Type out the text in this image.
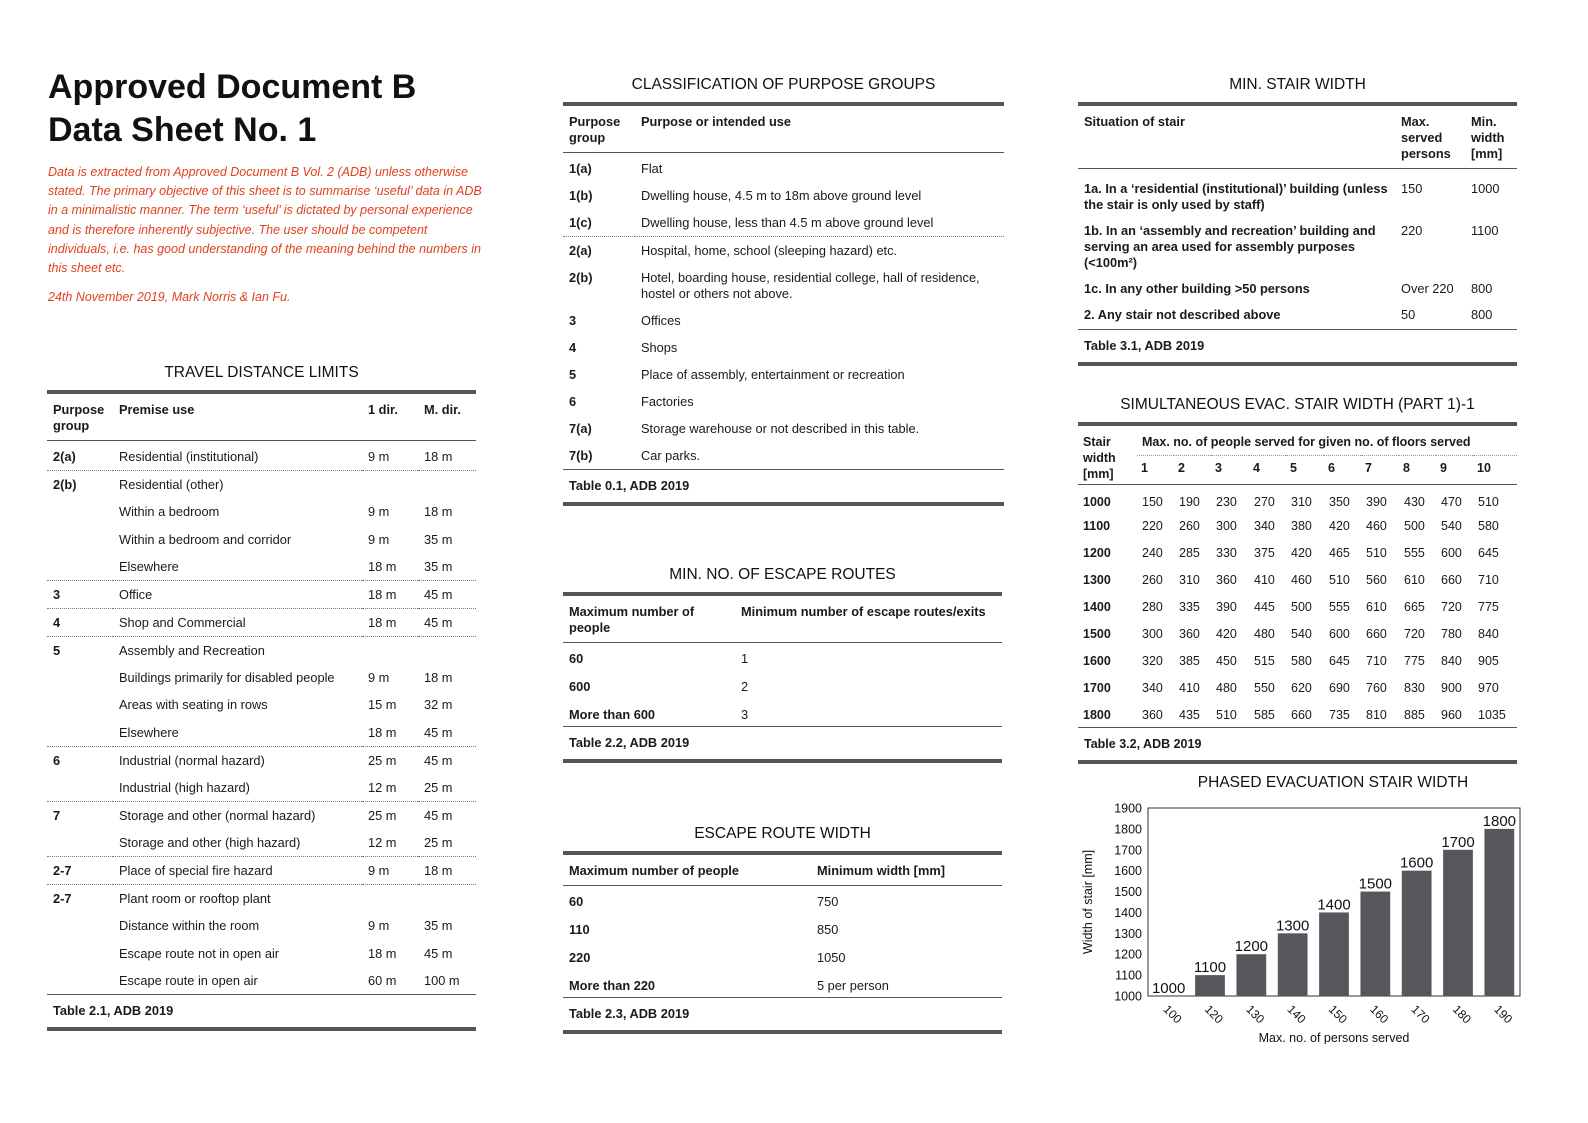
Approved Document B
Data Sheet No. 1
Data is extracted from Approved Document B Vol. 2 (ADB) unless otherwise stated. The primary objective of this sheet is to summarise ‘useful’ data in ADB in a minimalistic manner. The term ‘useful’ is dictated by personal experience and is therefore inherently subjective. The user should be competent individuals, i.e. has good understanding of the meaning behind the numbers in this sheet etc.
24th November 2019, Mark Norris & Ian Fu.
TRAVEL DISTANCE LIMITS
Purpose group	Premise use	1 dir.	M. dir.
2(a)	Residential (institutional)	9 m	18 m
2(b)	Residential (other)		
	Within a bedroom	9 m	18 m
	Within a bedroom and corridor	9 m	35 m
	Elsewhere	18 m	35 m
3	Office	18 m	45 m
4	Shop and Commercial	18 m	45 m
5	Assembly and Recreation		
	Buildings primarily for disabled people	9 m	18 m
	Areas with seating in rows	15 m	32 m
	Elsewhere	18 m	45 m
6	Industrial (normal hazard)	25 m	45 m
	Industrial (high hazard)	12 m	25 m
7	Storage and other (normal hazard)	25 m	45 m
	Storage and other (high hazard)	12 m	25 m
2-7	Place of special fire hazard	9 m	18 m
2-7	Plant room or rooftop plant		
	Distance within the room	9 m	35 m
	Escape route not in open air	18 m	45 m
	Escape route in open air	60 m	100 m
Table 2.1, ADB 2019			
CLASSIFICATION OF PURPOSE GROUPS
Purpose group	Purpose or intended use
1(a)	Flat
1(b)	Dwelling house, 4.5 m to 18m above ground level
1(c)	Dwelling house, less than 4.5 m above ground level
2(a)	Hospital, home, school (sleeping hazard) etc.
2(b)	Hotel, boarding house, residential college, hall of residence, hostel or others not above.
3	Offices
4	Shops
5	Place of assembly, entertainment or recreation
6	Factories
7(a)	Storage warehouse or not described in this table.
7(b)	Car parks.
Table 0.1, ADB 2019	
MIN. NO. OF ESCAPE ROUTES
Maximum number of people	Minimum number of escape routes/exits
60	1
600	2
More than 600	3
Table 2.2, ADB 2019	
ESCAPE ROUTE WIDTH
Maximum number of people	Minimum width [mm]
60	750
110	850
220	1050
More than 220	5 per person
Table 2.3, ADB 2019	
MIN. STAIR WIDTH
Situation of stair	Max. served persons	Min. width [mm]
1a. In a ‘residential (institutional)’ building (unless the stair is only used by staff)	150	1000
1b. In an ‘assembly and recreation’ building and serving an area used for assembly purposes (<100m²)	220	1100
1c. In any other building >50 persons	Over 220	800
2. Any stair not described above	50	800
Table 3.1, ADB 2019		
SIMULTANEOUS EVAC. STAIR WIDTH (PART 1)-1
Stair width [mm]	Max. no. of people served for given no. of floors served									
	1	2	3	4	5	6	7	8	9	10
1000	150	190	230	270	310	350	390	430	470	510
1100	220	260	300	340	380	420	460	500	540	580
1200	240	285	330	375	420	465	510	555	600	645
1300	260	310	360	410	460	510	560	610	660	710
1400	280	335	390	445	500	555	610	665	720	775
1500	300	360	420	480	540	600	660	720	780	840
1600	320	385	450	515	580	645	710	775	840	905
1700	340	410	480	550	620	690	760	830	900	970
1800	360	435	510	585	660	735	810	885	960	1035
Table 3.2, ADB 2019										
PHASED EVACUATION STAIR WIDTH
1000
1100
1200
1300
1400
1500
1600
1700
1800
1900
Width of stair [mm]
1000
100
1100
120
1200
130
1300
140
1400
150
1500
160
1600
170
1700
180
1800
190
Max. no. of persons served
